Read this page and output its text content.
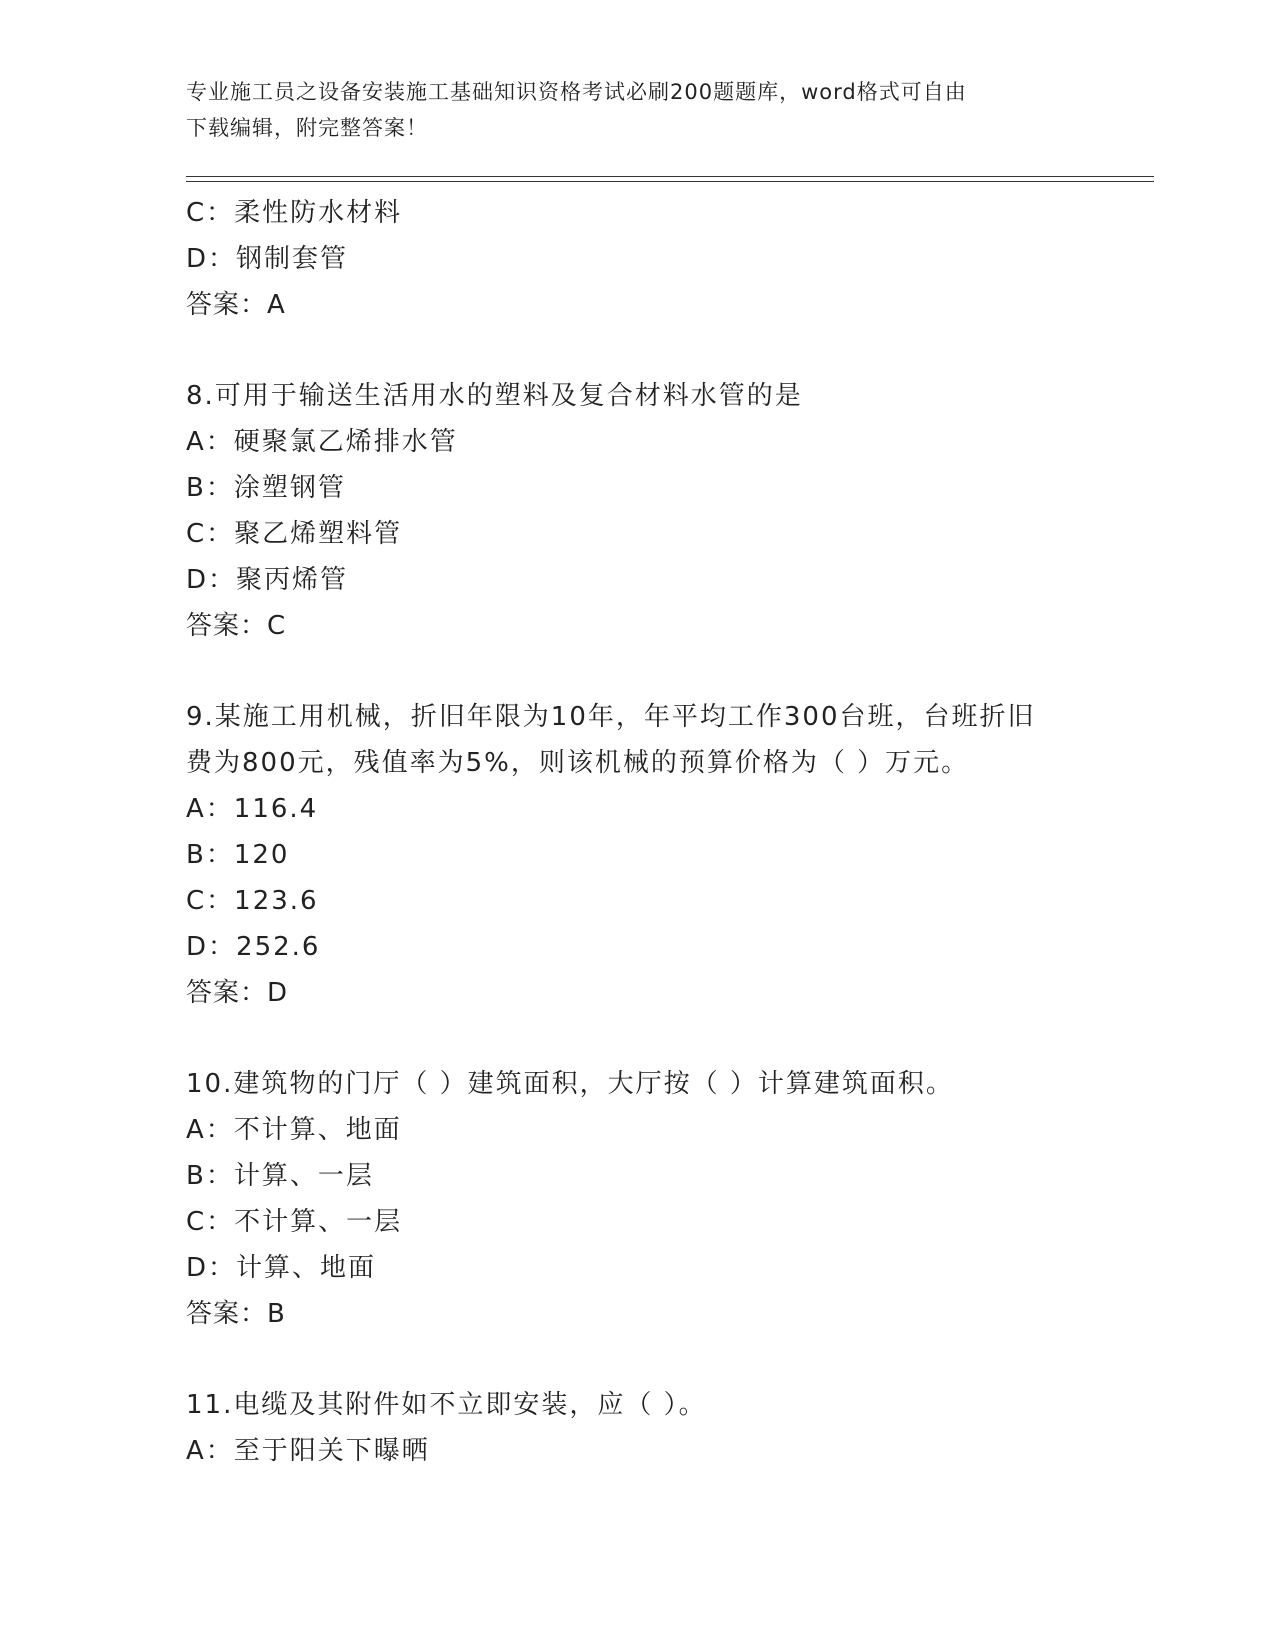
专业施工员之设备安装施工基础知识资格考试必刷200题题库，word格式可自由
下载编辑，附完整答案！
C：柔性防水材料
D：钢制套管
答案：A
8.可用于输送生活用水的塑料及复合材料水管的是
A：硬聚氯乙烯排水管
B：涂塑钢管
C：聚乙烯塑料管
D：聚丙烯管
答案：C
9.某施工用机械，折旧年限为10年，年平均工作300台班，台班折旧
费为800元，残值率为5%，则该机械的预算价格为（ ）万元。
A：116.4
B：120
C：123.6
D：252.6
答案：D
10.建筑物的门厅（ ）建筑面积，大厅按（ ）计算建筑面积。
A：不计算、地面
B：计算、一层
C：不计算、一层
D：计算、地面
答案：B
11.电缆及其附件如不立即安装，应（ ）。
A：至于阳关下曝晒
